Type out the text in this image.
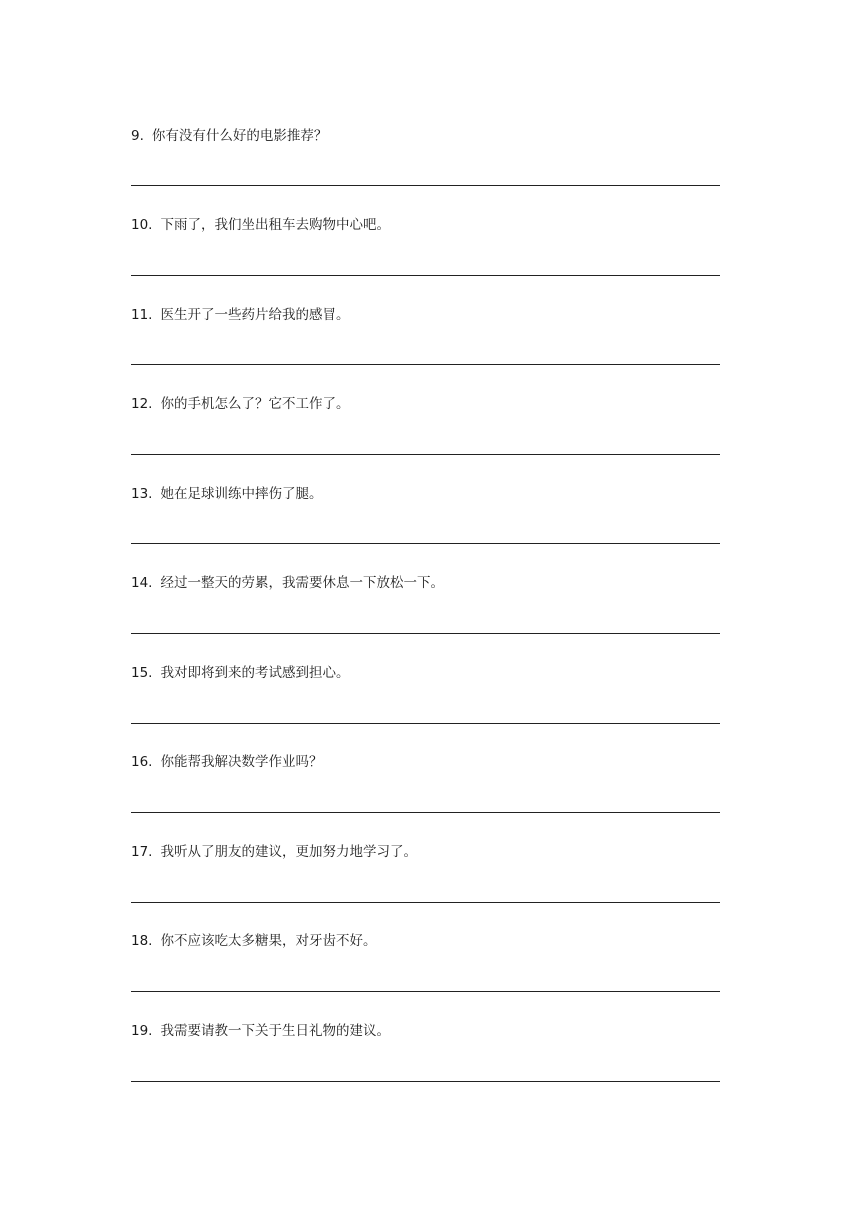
9. 你有没有什么好的电影推荐？
10. 下雨了，我们坐出租车去购物中心吧。
11. 医生开了一些药片给我的感冒。
12. 你的手机怎么了？它不工作了。
13. 她在足球训练中摔伤了腿。
14. 经过一整天的劳累，我需要休息一下放松一下。
15. 我对即将到来的考试感到担心。
16. 你能帮我解决数学作业吗？
17. 我听从了朋友的建议，更加努力地学习了。
18. 你不应该吃太多糖果，对牙齿不好。
19. 我需要请教一下关于生日礼物的建议。
